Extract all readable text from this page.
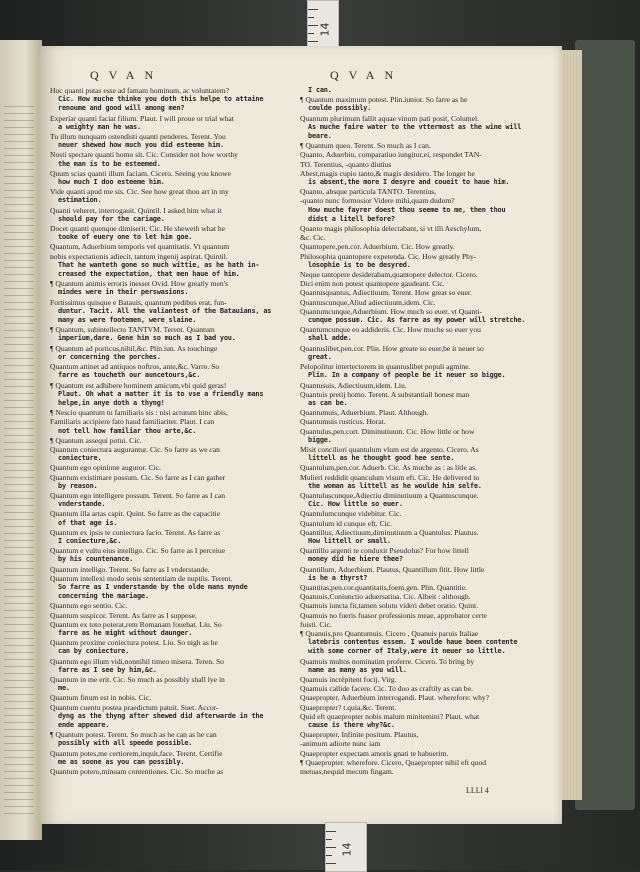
14
QVAN	QVAN

Hoc quanti putas esse ad famam hominum, ac voluntatem?

Cic. How muche thinke you doth this helpe to attaine

renoume and good will among men?

Experiar quanti faciat filium. Plaut. I will proue or trial what

a weighty man he was.

Tu illum nunquam ostendisti quanti penderes. Terent. You

neuer shewed how much you did esteeme him.

Nosti spectare quanti homo sit. Cic. Consider not how worthy

the man is to be esteemed.

Quum scias quanti illum faciam. Cicero. Seeing you knowe

how much I doo esteeme him.

Vide quanti apud me sis. Cic. See how great thou art in my

estimation.

Quanti veheret, interrogauit. Quintil. I asked him what it

should pay for the cariage.

Docet quanti quenque dimiserit. Cic. He sheweth what he

tooke of euery one to let him goe.

Quantum, Aduerbium temporis vel quantitatis. Vt quantum

nobis expectationis adiecit, tantum ingenij aspirat. Quintil.

That he wanteth gone so much wittie, as he hath in-

creased the expectation, that men haue of him.

¶ Quantum animis erroris inesset Ovid. How greatly men's

mindes were in their perswasions.

Fortissimus quisque e Batauis, quantum pedibus erat, fun-

duntur. Tacit. All the valiantest of the Batauians, as

many as were footemen, were slaine.

¶ Quantum, subintellecto TANTVM. Terent. Quantum

imperium,dare. Gene him so much as I bad you.

¶ Quantum ad porticus,nihil,&c. Plin.iun. As touchinge

or concerning the porches.

Quantum attinet ad antiquos noftros, ante,&c. Varro. So

farre as toucheth our auncetours,&c.

¶ Quantum est adhibere hominem amicum,vbi quid geras!

Plaut. Oh what a matter it is to vse a friendly mans

helpe,in anye doth a thyng!

¶ Nescio quantum tu familiaris sis : nisi actutum hinc abis,

Familiaris accipiere fato haud familiariter. Plaut. I can

not tell how familiar thou arte,&c.

¶ Quantum assequi potui. Cic.

Quantum coniectura augurantur. Cic. So farre as we can

coniecture.

Quantum ego opinione auguror. Cic.

Quantum existimare possum. Cic. So farre as I can gather

by reason.

Quantum ego intelligere possum. Terent. So farre as I can

vnderstande.

Quantum illa artas capit. Quint. So farre as the capacitie

of that age is.

Quantum ex ipsis te coniectura facio. Terent. As farre as

I coniecture,&c.

Quantum e vultu eius intelligo. Cic. So farre as I perceiue

by his countenance.

Quantum intelligo. Terent. So farre as I vnderstande.

Quantum intellexi modo senis sententiam de nuptiis. Terent.

So farre as I vnderstande by the olde mans mynde

concerning the mariage.

Quantum ego sentio. Cic.

Quantum suspicor. Terent. As farre as I suppose.

Quantum ex toto poterat,rem Romanam fouebat. Liu. So

farre as he might without daunger.

Quantum proxime coniectura potest. Liu. So nigh as he

can by coniecture.

Quantum ego illum vidi,nonnihil timeo misera. Teren. So

farre as I see by him,&c.

Quantum in me erit. Cic. So much as possibly shall lye in

me.

Quantum finum est in nobis. Cic.

Quantum cuentu postea praedictum patuit. Suet. Accor-

dyng as the thyng after shewed did afterwarde in the

ende appeare.

¶ Quantum potest. Terent. So much as he can as he can

possibly with all speede possible.

Quantum potes,me certiorem,inquit,face. Terent. Certifie

me as soone as you can possibly.

Quantum potero,minuam contentiones. Cic. So muche as

I can.

¶ Quantum maximum potest. Plin.iunior. So farre as he

coulde possibly.

Quantum plurimum fallit aquae vinum pati posit. Columel.

As muche faire water to the vttermost as the wine will

beare.

¶ Quantum queo. Terent. So much as I can.

Quanto, Aduerbiu, comparatiuo iungitur,ei, respondet TAN-

TO. Terentius, -quanto diutius

Abest,magis cupio tanto,& magis desidero. The longer he

is absent,the more I desyre and coueit to haue him.

Quanto, absque particula TANTO. Terentius,

-quanto nunc formosior Videre mihi,quam dudum?

How muche fayrer doest thou seeme to me, then thou

didst a litell before?

Quanto magis philosophia delectabant, si vt illi Aeschylum,

&c. Cic.

Quantopere,pen.cor. Aduerbium. Cic. How greatly.

Philosophia quantopere expetenda. Cic. How greatly Phy-

losophie is to be desyred.

Neque tantopere desiderabam,quantopere delector. Cicero.

Dici enim non potest quantopere gaudeant. Cic.

Quantusquantus, Adiectiuum. Terent. How great so euer.

Quantuscunque,Aliud adiectiuum,idem. Cic.

Quantumcunque,Aduerbium. How much so euer. vt Quanti-

cunque possum. Cic. As farre as my power will stretche.

Quantumcunque eo addideris. Cic. How muche so euer you

shall adde.

Quantuslibet,pen.cor. Plin. How greate so euer,be it neuer so

great.

Pelopolitur intertectorem in quantuslibet populi agmine.

Plin. In a company of people be it neuer so bigge.

Quantusuis, Adiectiuum,idem. Liu.

Quantuis pretij homo. Terent. A substantiall honest man

as can be.

Quantumuis, Aduerbium. Plaut. Although.

Quantumuis rusticus. Horat.

Quantulus,pen.cort. Diminutiuum. Cic. How little or how

bigge.

Misit conciliori quantulum vlum est de argento. Cicero. As

littell as he thought good hee sente.

Quantulum,pen.cor. Aduerb. Cic. As muche as : as litle as.

Mulieri reddidit quanculum visum eft. Cic. He delivered to

the woman as littell as he woulde him selfe.

Quantuluscunque,Adiectiu diminutiuum a Quantuscunque.

Cic. How little so euer.

Quantulumcunque videbitur. Cic.

Quantulum id cunque eft. Cic.

Quantillus, Adiectiuum,diminutiuum a Quantulus. Plautus.

How littell or small.

Quantillo argenti te conduxit Pseudolus? For how littell

money did he hiere thee?

Quantillum, Aduerbium. Plautus, Quantillum fitit. How little

is he a thyrst?

Quantitas,pen.cor.quantitatis,foem.gen. Plin. Quantitie.

Quatuuis,Coniunctio aduersatiua. Cic. Albeit : although.

Quamuis iuncta fit,tamen solutu videri debet oratio. Quint.

Quamuis no fueris fuasor professionis meae, approbator certe

fuisti. Cic.

¶ Quanuis,pro Quantumuis. Cicero , Quanuis paruis Italiae

latebris contentus essem. I woulde haue been contente

with some corner of Italy,were it neuer so little.

Quamuis multos nominatim proferre. Cicero. To bring by

name as many as you will.

Quamuis incrépitent focij. Virg.

Quamuis callide facere. Cic. To doo as craftily as can be.

Quaepropter, Aduerbium interrogandi. Plaut. wherefore: why?

Quaepropter? t.quia,&c. Terent.

Quid eft quaepropter nobis malum minitemini? Plaut. what

cause is there why?&c.

Quaepropter, Infinite positum. Plautus,

-animum adiorte nunc iam

Quaepropter expectam amoris gnati te habuerim.

¶ Quaepropter. wherefore. Cicero, Quaepropter nihil eft quod

metuas,nequid mecum fingam.

LLLl 4
14
